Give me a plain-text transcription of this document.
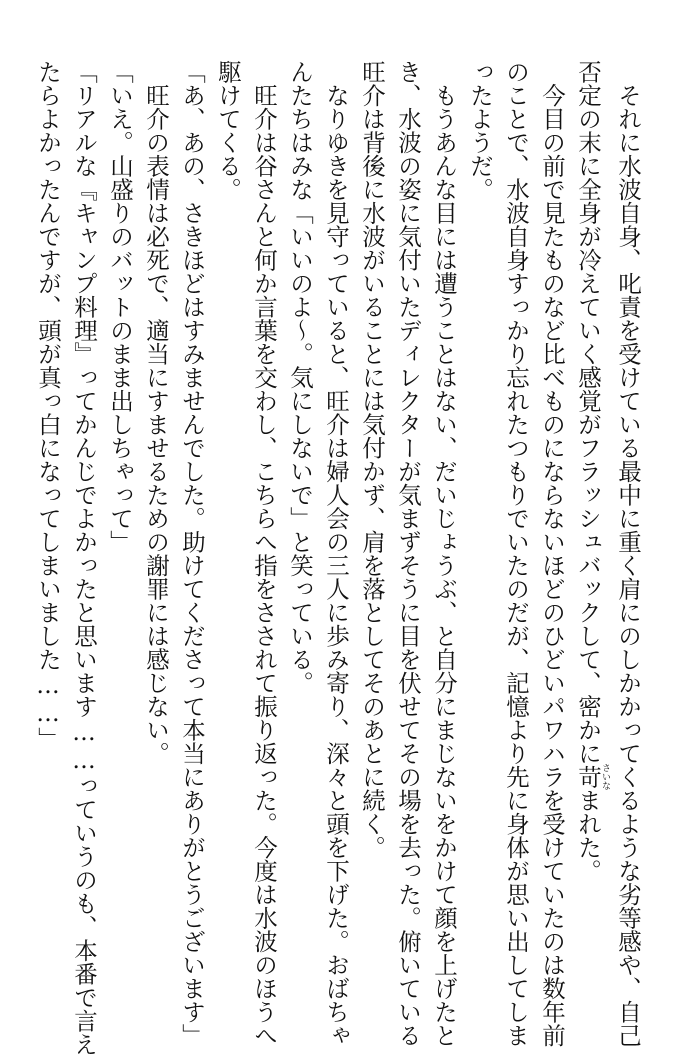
　それに水波自身、叱責を受けている最中に重く肩にのしかかってくるような劣等感や、自己
否定の末に全身が冷えていく感覚がフラッシュバックして、密かに苛さいなまれた。
　今目の前で見たものなど比べものにならないほどのひどいパワハラを受けていたのは数年前
のことで、水波自身すっかり忘れたつもりでいたのだが、記憶より先に身体が思い出してしま
ったようだ。
　もうあんな目には遭うことはない、だいじょうぶ、と自分にまじないをかけて顔を上げたと
き、水波の姿に気付いたディレクターが気まずそうに目を伏せてその場を去った。俯いている
旺介は背後に水波がいることには気付かず、肩を落としてそのあとに続く。
　なりゆきを見守っていると、旺介は婦人会の三人に歩み寄り、深々と頭を下げた。おばちゃ
んたちはみな「いいのよ〜。気にしないで」と笑っている。
　旺介は谷さんと何か言葉を交わし、こちらへ指をさされて振り返った。今度は水波のほうへ
駆けてくる。
「あ、あの、さきほどはすみませんでした。助けてくださって本当にありがとうございます」
　旺介の表情は必死で、適当にすませるための謝罪には感じない。
「いえ。山盛りのバットのまま出しちゃって」
「リアルな『キャンプ料理』ってかんじでよかったと思います……っていうのも、本番で言え
たらよかったんですが、頭が真っ白になってしまいました……」
